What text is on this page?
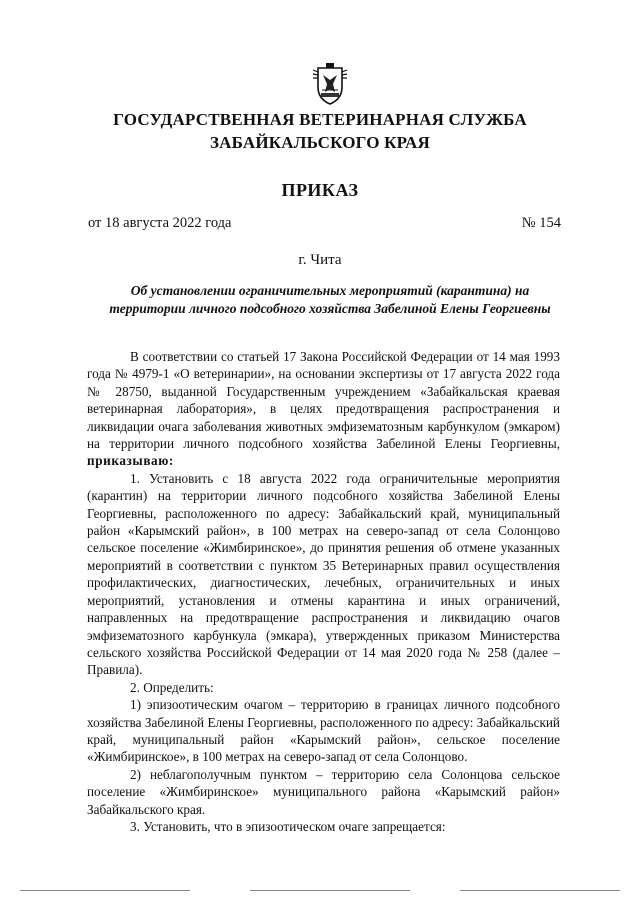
ГОСУДАРСТВЕННАЯ ВЕТЕРИНАРНАЯ СЛУЖБА
ЗАБАЙКАЛЬСКОГО КРАЯ
ПРИКАЗ
от 18 августа 2022 года	№ 154
г. Чита
Об установлении ограничительных мероприятий (карантина) на
территории личного подсобного хозяйства Забелиной Елены Георгиевны

В соответствии со статьей 17 Закона Российской Федерации от 14 мая 1993 года № 4979-1 «О ветеринарии», на основании экспертизы от 17 августа 2022 года № 28750, выданной Государственным учреждением «Забайкальская краевая ветеринарная лаборатория», в целях предотвращения распространения и ликвидации очага заболевания животных эмфизематозным карбункулом (эмкаром) на территории личного подсобного хозяйства Забелиной Елены Георгиевны, приказываю:

1. Установить с 18 августа 2022 года ограничительные мероприятия (карантин) на территории личного подсобного хозяйства Забелиной Елены Георгиевны, расположенного по адресу: Забайкальский край, муниципальный район «Карымский район», в 100 метрах на северо-запад от села Солонцово сельское поселение «Жимбиринское», до принятия решения об отмене указанных мероприятий в соответствии с пунктом 35 Ветеринарных правил осуществления профилактических, диагностических, лечебных, ограничительных и иных мероприятий, установления и отмены карантина и иных ограничений, направленных на предотвращение распространения и ликвидацию очагов эмфизематозного карбункула (эмкара), утвержденных приказом Министерства сельского хозяйства Российской Федерации от 14 мая 2020 года № 258 (далее – Правила).

2. Определить:

1) эпизоотическим очагом – территорию в границах личного подсобного хозяйства Забелиной Елены Георгиевны, расположенного по адресу: Забайкальский край, муниципальный район «Карымский район», сельское поселение «Жимбиринское», в 100 метрах на северо-запад от села Солонцово.

2) неблагополучным пунктом – территорию села Солонцова сельское поселение «Жимбиринское» муниципального района «Карымский район» Забайкальского края.

3. Установить, что в эпизоотическом очаге запрещается:
